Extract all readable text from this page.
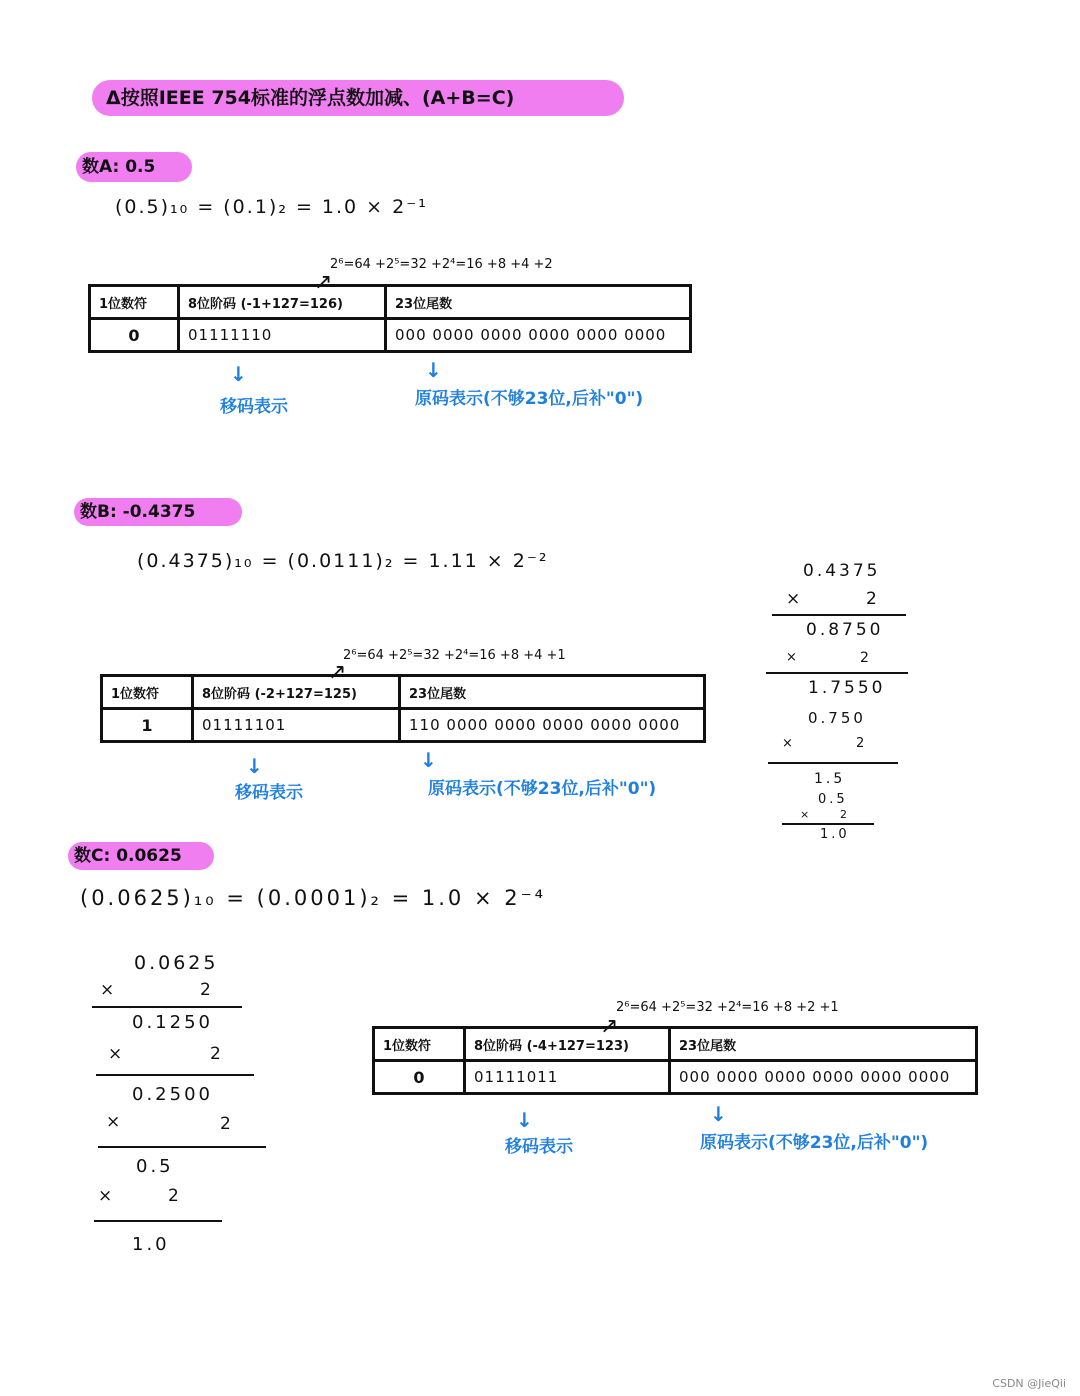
Δ按照IEEE 754标准的浮点数加减、(A+B=C)
数A: 0.5
(0.5)₁₀ = (0.1)₂ = 1.0 × 2⁻¹
2⁶=64 +2⁵=32 +2⁴=16 +8 +4 +2
↗
1位数符	8位阶码 (-1+127=126)	23位尾数
0	01111110	000 0000 0000 0000 0000 0000
↓
移码表示
↓
原码表示(不够23位,后补"0")
数B: -0.4375
(0.4375)₁₀ = (0.0111)₂ = 1.11 × 2⁻²
2⁶=64 +2⁵=32 +2⁴=16 +8 +4 +1
↗
1位数符	8位阶码 (-2+127=125)	23位尾数
1	01111101	110 0000 0000 0000 0000 0000
↓
移码表示
↓
原码表示(不够23位,后补"0")
0.4375
×	2
0.8750
×	2
1.7550
0.750
×	2
1.5
0.5
×	2
1.0
数C: 0.0625
(0.0625)₁₀ = (0.0001)₂ = 1.0 × 2⁻⁴
0.0625
×	2
0.1250
×	2
0.2500
×	2
0.5
×	2
1.0
2⁶=64 +2⁵=32 +2⁴=16 +8 +2 +1
↗
1位数符	8位阶码 (-4+127=123)	23位尾数
0	01111011	000 0000 0000 0000 0000 0000
↓
移码表示
↓
原码表示(不够23位,后补"0")
CSDN @JieQii
